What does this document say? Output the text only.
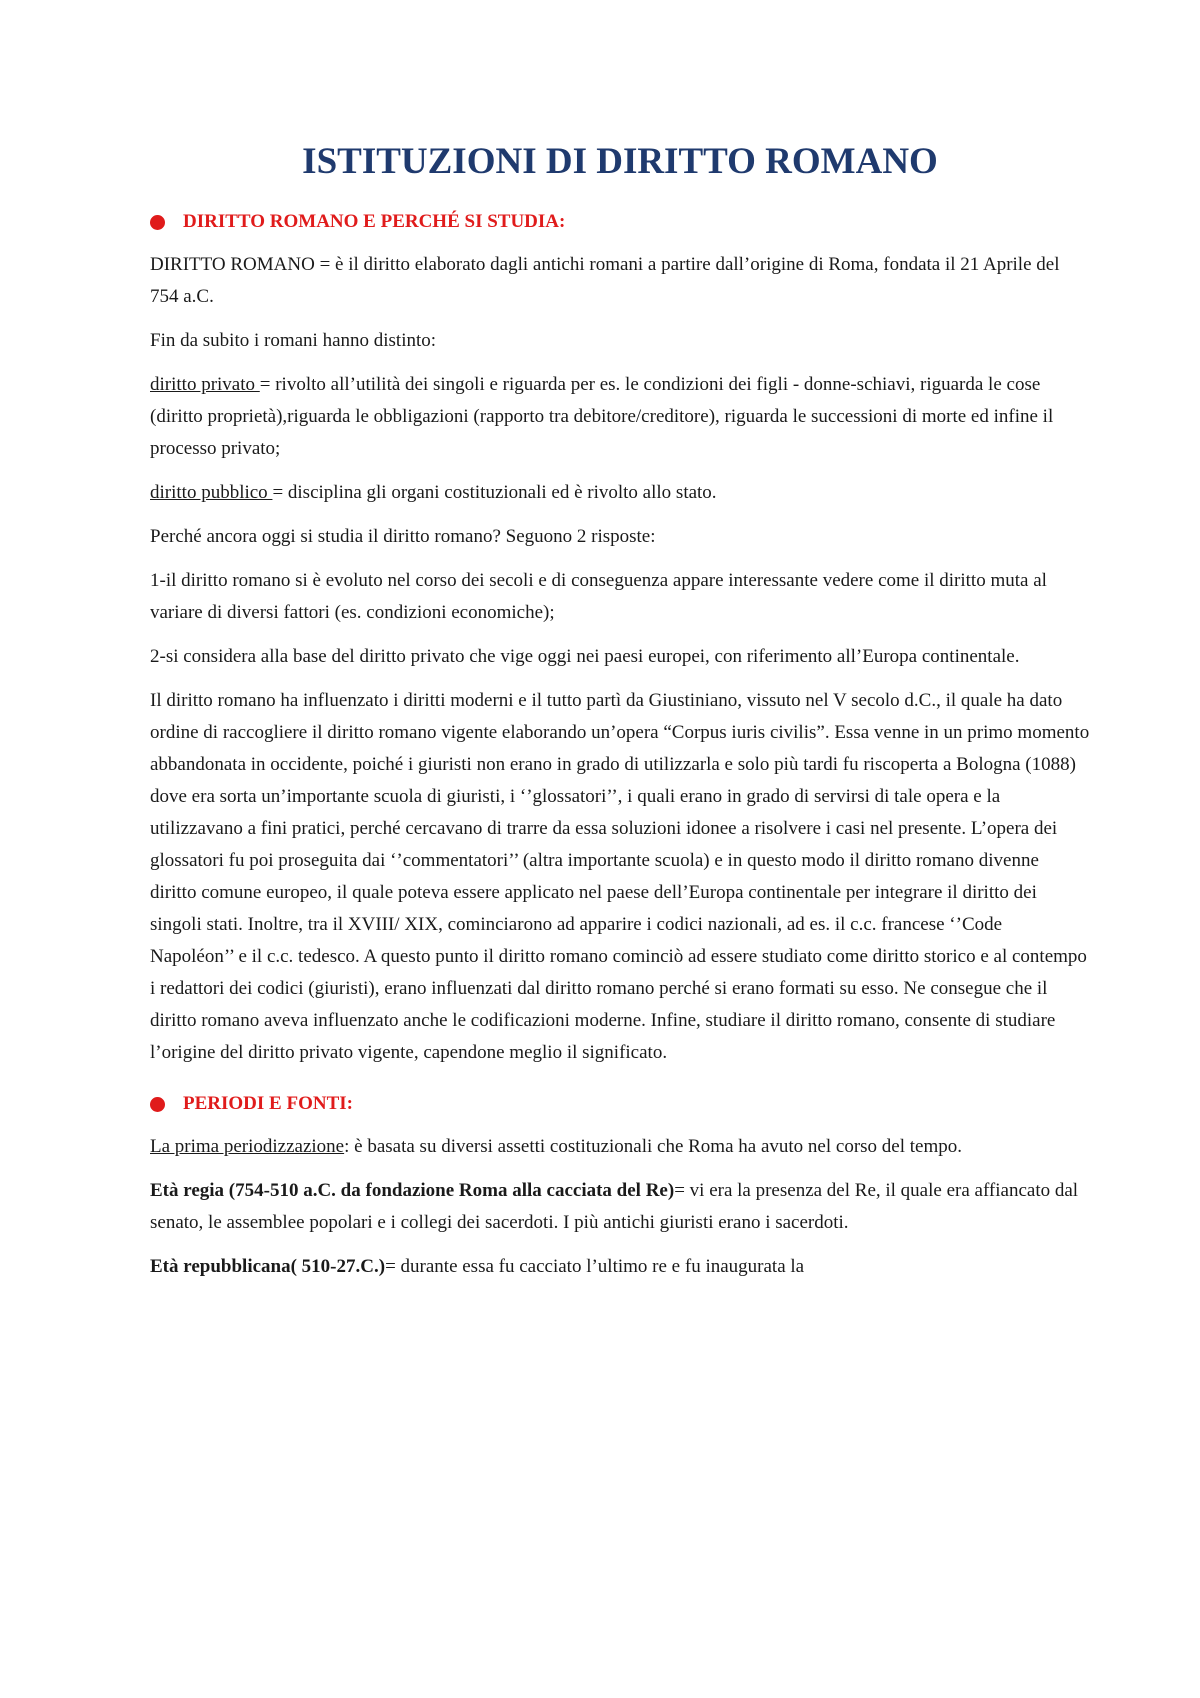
ISTITUZIONI DI DIRITTO ROMANO
DIRITTO ROMANO E PERCHÉ SI STUDIA:

DIRITTO ROMANO = è il diritto elaborato dagli antichi romani a partire dall’origine di Roma, fondata il 21 Aprile del 754 a.C.

Fin da subito i romani hanno distinto:

diritto privato = rivolto all’utilità dei singoli e riguarda per es. le condizioni dei figli - donne-schiavi, riguarda le cose (diritto proprietà),riguarda le obbligazioni (rapporto tra debitore/creditore), riguarda le successioni di morte ed infine il processo privato;

diritto pubblico = disciplina gli organi costituzionali ed è rivolto allo stato.

Perché ancora oggi si studia il diritto romano? Seguono 2 risposte:

1-il diritto romano si è evoluto nel corso dei secoli e di conseguenza appare interessante vedere come il diritto muta al variare di diversi fattori (es. condizioni economiche);

2-si considera alla base del diritto privato che vige oggi nei paesi europei, con riferimento all’Europa continentale.

Il diritto romano ha influenzato i diritti moderni e il tutto partì da Giustiniano, vissuto nel V secolo d.C., il quale ha dato ordine di raccogliere il diritto romano vigente elaborando un’opera “Corpus iuris civilis”. Essa venne in un primo momento abbandonata in occidente, poiché i giuristi non erano in grado di utilizzarla e solo più tardi fu riscoperta a Bologna (1088) dove era sorta un’importante scuola di giuristi, i ‘’glossatori’’, i quali erano in grado di servirsi di tale opera e la utilizzavano a fini pratici, perché cercavano di trarre da essa soluzioni idonee a risolvere i casi nel presente. L’opera dei glossatori fu poi proseguita dai ‘’commentatori’’ (altra importante scuola) e in questo modo il diritto romano divenne diritto comune europeo, il quale poteva essere applicato nel paese dell’Europa continentale per integrare il diritto dei singoli stati. Inoltre, tra il XVIII/ XIX, cominciarono ad apparire i codici nazionali, ad es. il c.c. francese ‘’Code Napoléon’’ e il c.c. tedesco. A questo punto il diritto romano cominciò ad essere studiato come diritto storico e al contempo i redattori dei codici (giuristi), erano influenzati dal diritto romano perché si erano formati su esso. Ne consegue che il diritto romano aveva influenzato anche le codificazioni moderne. Infine, studiare il diritto romano, consente di studiare l’origine del diritto privato vigente, capendone meglio il significato.

PERIODI E FONTI:

La prima periodizzazione: è basata su diversi assetti costituzionali che Roma ha avuto nel corso del tempo.

Età regia (754-510 a.C. da fondazione Roma alla cacciata del Re)= vi era la presenza del Re, il quale era affiancato dal senato, le assemblee popolari e i collegi dei sacerdoti. I più antichi giuristi erano i sacerdoti.

Età repubblicana( 510-27.C.)= durante essa fu cacciato l’ultimo re e fu inaugurata la
